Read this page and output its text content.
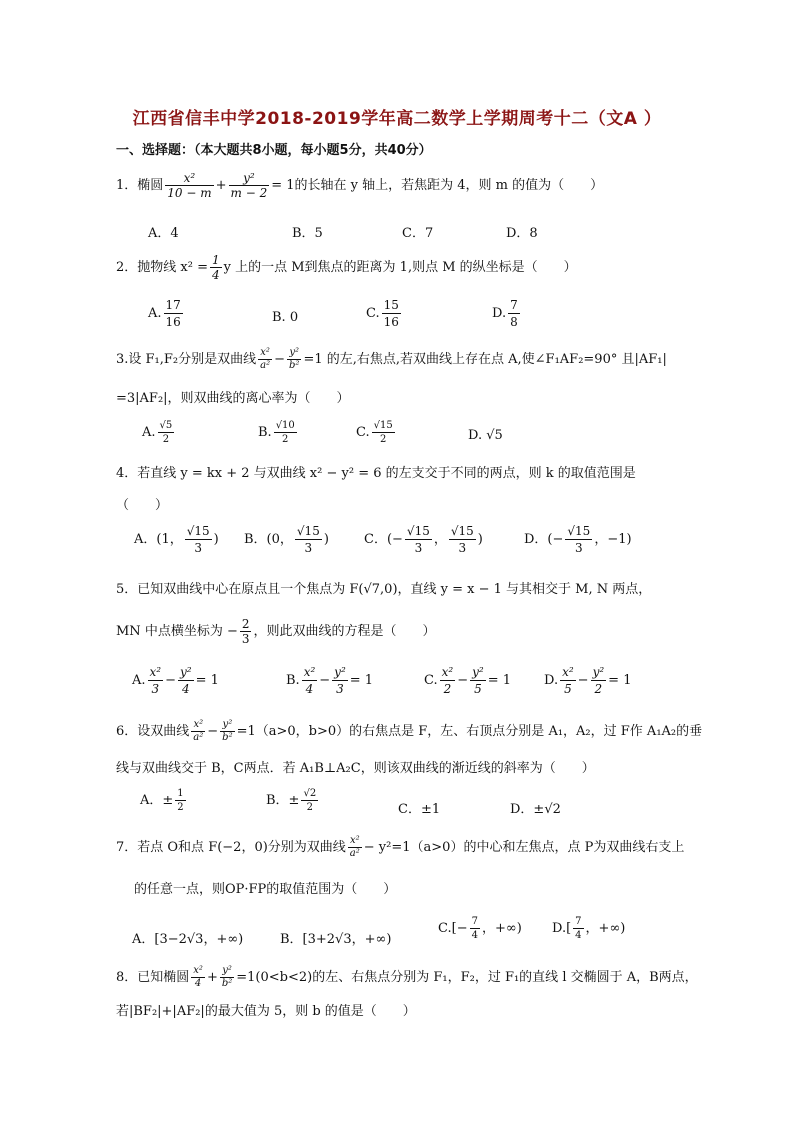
江西省信丰中学2018-2019学年高二数学上学期周考十二（文A ）
一、选择题：（本大题共8小题，每小题5分，共40分）
1．椭圆 $\frac{\text{x²}}{10 - m} + \frac{\text{y²}}{m - 2} = 1$的长轴在 y 轴上，若焦距为 4，则 m 的值为（　　）
A．4	B．5	C．7	D．8
2．抛物线 $x^2 = \frac{1}{4}$ y 上的一点 M到焦点的距离为 1,则点 M 的纵坐标是（　　）
A. $\frac{17}{16}$	B. 0	C. $\frac{15}{16}$	D. $\frac{7}{8}$
3.设 F₁,F₂分别是双曲线 $\frac{\text{x²}}{\text{a²}} - \frac{\text{y²}}{\text{b²}} =1$ 的左,右焦点,若双曲线上存在点 A,使∠F₁AF₂=90° 且|AF₁|
=3|AF₂|，则双曲线的离心率为（　　）
A. $\frac{√5}{2}$	B. $\frac{√10}{2}$	C. $\frac{√15}{2}$	D. √5
4．若直线 y = kx + 2 与双曲线 x² − y² = 6 的左支交于不同的两点，则 k 的取值范围是
（　　）
A．(1， $\frac{√15}{3}$ ) B．(0， $\frac{√15}{3}$ )	C．(− $\frac{√15}{3}$ ， $\frac{√15}{3}$ )	D．(− $\frac{√15}{3}$ ，−1)
5．已知双曲线中心在原点且一个焦点为 F(√7,0)，直线 y = x − 1 与其相交于 M, N 两点，
MN 中点横坐标为 − $\frac{2}{3}$ ，则此双曲线的方程是（　　）
A. $\frac{\text{x²}}{3} - \frac{\text{y²}}{4} = 1$	B. $\frac{\text{x²}}{4} - \frac{\text{y²}}{3} = 1$	C. $\frac{\text{x²}}{2} - \frac{\text{y²}}{5} = 1$	D. $\frac{\text{x²}}{5} - \frac{\text{y²}}{2} = 1$
6．设双曲线 $\frac{\text{x²}}{\text{a²}} - \frac{\text{y²}}{\text{b²}} =1(a>0$，b>0）的右焦点是 F，左、右顶点分别是 A₁，A₂，过 F作 A₁A₂的垂
线与双曲线交于 B，C两点．若 A₁B⊥A₂C，则该双曲线的渐近线的斜率为（　　）
A．± $\frac{1}{2}$	B．± $\frac{√2}{2}$	C．±1	D．±√2
7．若点 O和点 F(−2，0)分别为双曲线 $\frac{\text{x²}}{\text{a²}} - y^2=1(a>0)$的中心和左焦点，点 P为双曲线右支上
的任意一点，则OP·FP的取值范围为（　　）
A．[3−2√3，+∞)	B．[3+2√3，+∞)
$C.[- \frac{7}{4}$ ，+∞) $D.[ \frac{7}{4}$ ，+∞)
8．已知椭圆 $\frac{\text{x²}}{4} + \frac{\text{y²}}{\text{b²}} =1(0<b<2)$的左、右焦点分别为 F₁，F₂，过 F₁的直线 l 交椭圆于 A，B两点，
若|BF₂|+|AF₂|的最大值为 5，则 b 的值是（　　）
